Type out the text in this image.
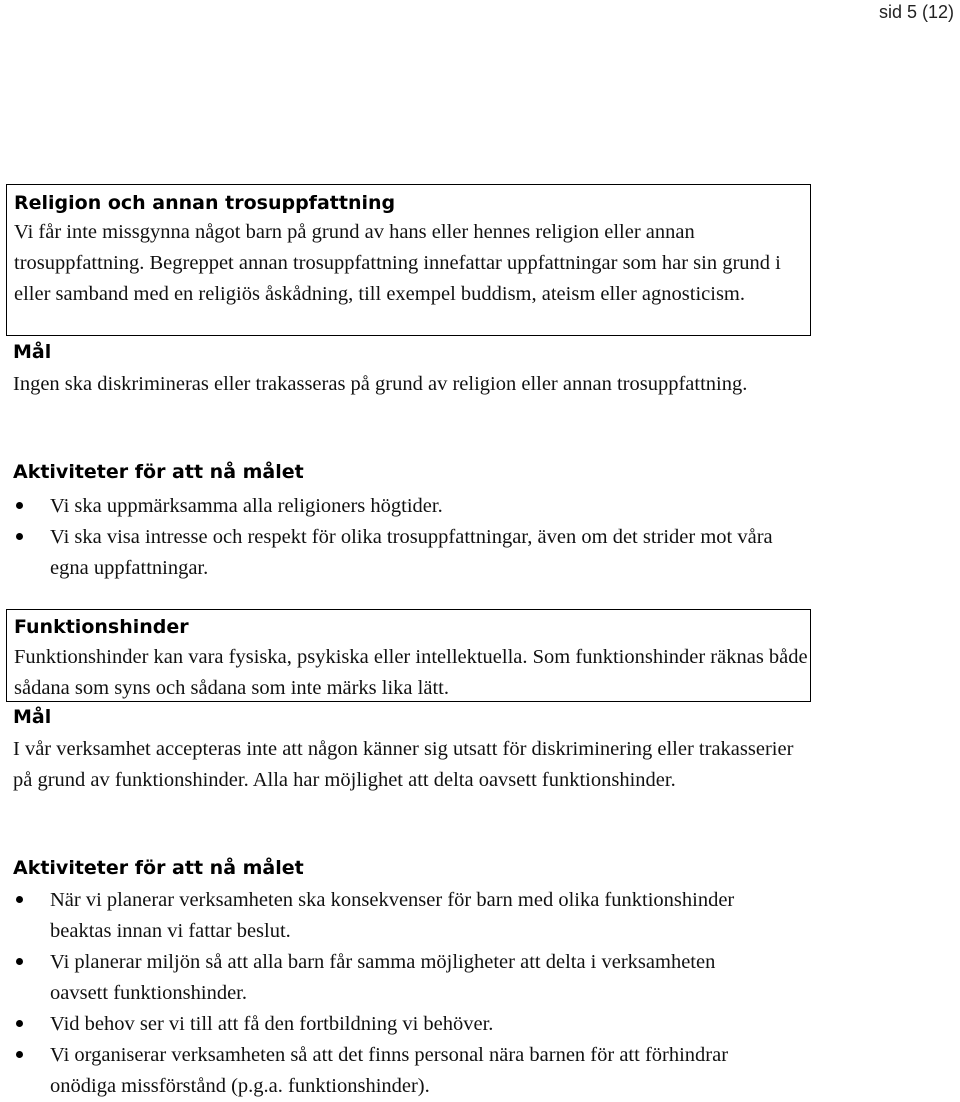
sid 5 (12)
Religion och annan trosuppfattning

Vi får inte missgynna något barn på grund av hans eller hennes religion eller annan trosuppfattning. Begreppet annan trosuppfattning innefattar uppfattningar som har sin grund i eller samband med en religiös åskådning, till exempel buddism, ateism eller agnosticism.

Mål

Ingen ska diskrimineras eller trakasseras på grund av religion eller annan trosuppfattning.

Aktiviteter för att nå målet
Vi ska uppmärksamma alla religioners högtider.
Vi ska visa intresse och respekt för olika trosuppfattningar, även om det strider mot våra egna uppfattningar.
Funktionshinder

Funktionshinder kan vara fysiska, psykiska eller intellektuella. Som funktionshinder räknas både sådana som syns och sådana som inte märks lika lätt.

Mål

I vår verksamhet accepteras inte att någon känner sig utsatt för diskriminering eller trakasserier på grund av funktionshinder. Alla har möjlighet att delta oavsett funktionshinder.

Aktiviteter för att nå målet
När vi planerar verksamheten ska konsekvenser för barn med olika funktionshinder beaktas innan vi fattar beslut.
Vi planerar miljön så att alla barn får samma möjligheter att delta i verksamheten oavsett funktionshinder.
Vid behov ser vi till att få den fortbildning vi behöver.
Vi organiserar verksamheten så att det finns personal nära barnen för att förhindrar onödiga missförstånd (p.g.a. funktionshinder).
